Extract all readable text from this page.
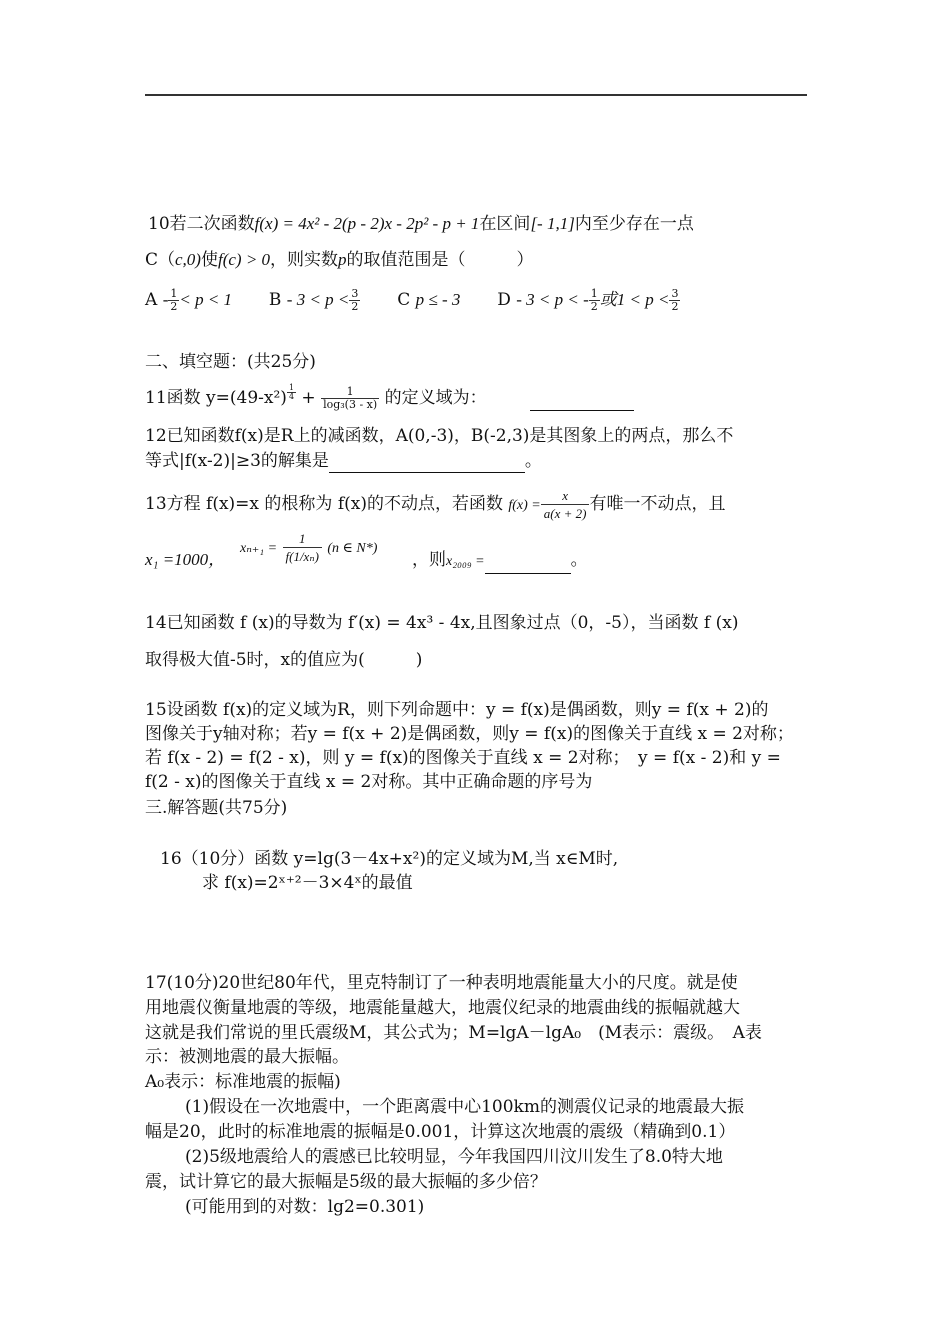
10若二次函数f(x) = 4x² - 2(p - 2)x - 2p² - p + 1在区间[- 1,1]内至少存在一点
C（c,0)使f(c) > 0，则实数p的取值范围是（　　　）
$A - \frac{1}{2} < p < 1$ $B - 3 < p < \frac{3}{2}$ C p ≤ - 3 D - 3 < p < - $\frac{1}{2}$ 或$1 < p < \frac{3}{2}$
二、填空题：(共25分)
11函数 $y=(49-x^2) \frac{1}{4} + \frac{1}{\text{log₃(3 - x)}}$ 的定义域为：
12已知函数f(x)是R上的减函数，A(0,-3)，B(-2,3)是其图象上的两点，那么不
等式|f(x-2)|≥3的解集是	。
13方程 f(x)=x 的根称为 f(x)的不动点，若函数 $f(x) = \frac{x}{a(x + 2)}$ 有唯一不动点，且
x₁ =1000，
$x_{n+1} = \frac{1}{\text{f(1/xₙ)}} (n$ ∈ N*)
，则x₂₀₀₉ =	。
14已知函数 f (x)的导数为 f′(x) = 4x³ - 4x,且图象过点（0，-5），当函数 f (x)
取得极大值-5时，x的值应为(　　　)
15设函数 f(x)的定义域为R，则下列命题中：y = f(x)是偶函数，则y = f(x + 2)的
图像关于y轴对称；若y = f(x + 2)是偶函数，则y = f(x)的图像关于直线 x = 2对称；
若 f(x - 2) = f(2 - x)，则 y = f(x)的图像关于直线 x = 2对称；　y = f(x - 2)和 y =
f(2 - x)的图像关于直线 x = 2对称。其中正确命题的序号为
三.解答题(共75分)
16（10分）函数 y=lg(3－4x+x²)的定义域为M,当 x∈M时,
求 f(x)=2ˣ⁺²－3×4ˣ的最值
17(10分)20世纪80年代，里克特制订了一种表明地震能量大小的尺度。就是使
用地震仪衡量地震的等级，地震能量越大，地震仪纪录的地震曲线的振幅就越大
这就是我们常说的里氏震级M，其公式为；M=lgA－lgA₀　(M表示：震级。　A表
示：被测地震的最大振幅。
A₀表示：标准地震的振幅)
(1)假设在一次地震中，一个距离震中心100km的测震仪记录的地震最大振
幅是20，此时的标准地震的振幅是0.001，计算这次地震的震级（精确到0.1）
(2)5级地震给人的震感已比较明显，今年我国四川汶川发生了8.0特大地
震，试计算它的最大振幅是5级的最大振幅的多少倍？
(可能用到的对数：lg2=0.301)
